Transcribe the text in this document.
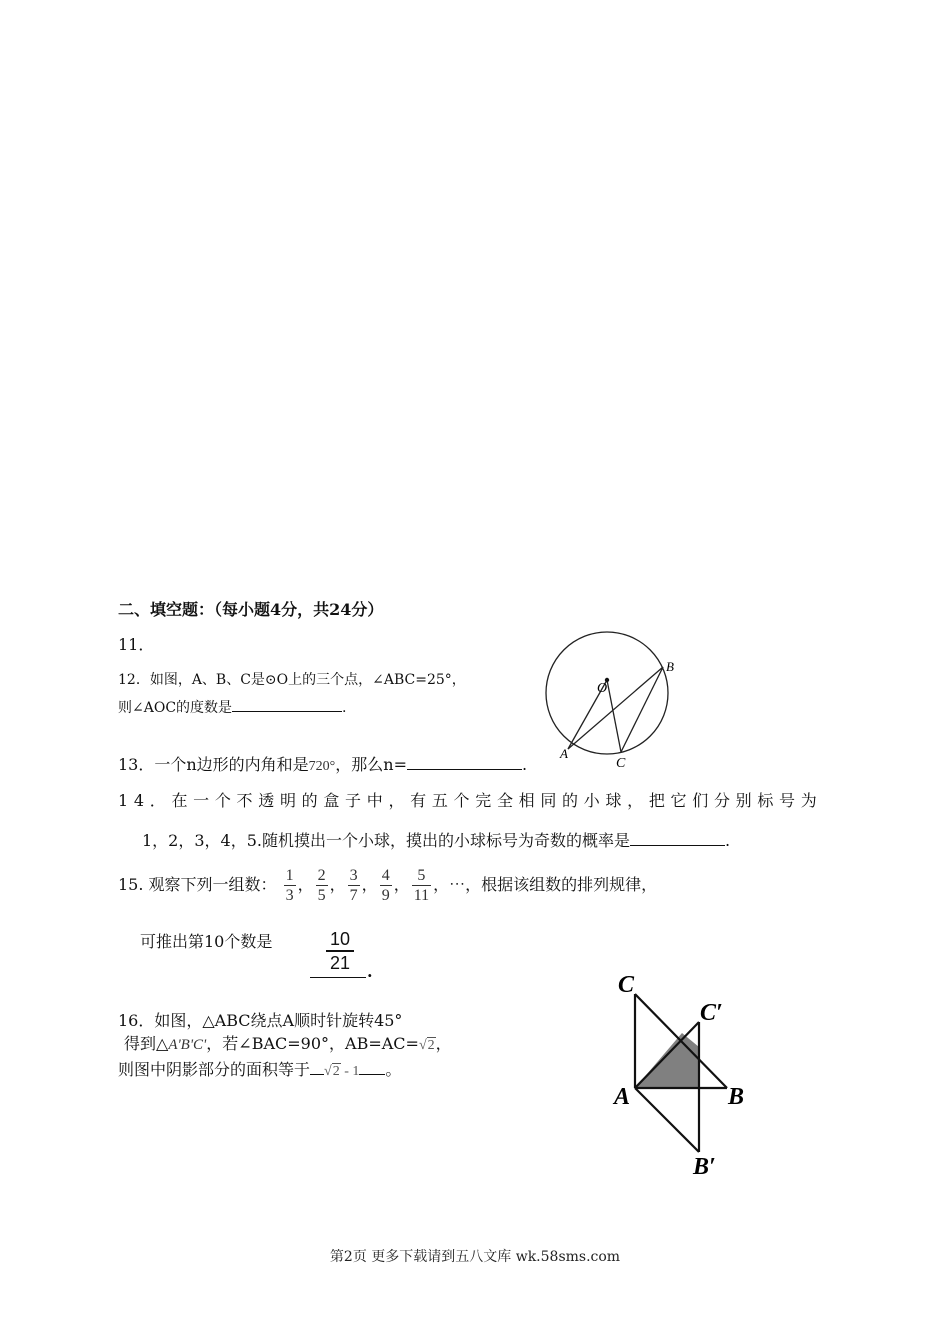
二、填空题：（每小题4分，共24分）
11．
12．如图，A、B、C是⊙O上的三个点，∠ABC=25°，
则∠AOC的度数是	.
O
B
A
C
13．一个n边形的内角和是720°，那么n=	.
14．在一个不透明的盒子中，有五个完全相同的小球，把它们分别标号为
1，2，3，4，5.随机摸出一个小球，摸出的小球标号为奇数的概率是	.
15. 观察下列一组数： $\frac{1}{3}$ ， $\frac{2}{5}$ ， $\frac{3}{7}$ ， $\frac{4}{9}$ ， $\frac{5}{11}$ ，⋯，根据该组数的排列规律，
可推出第10个数是	$\frac{10}{21}$ .
16．如图，△ABC绕点A顺时针旋转45°
得到△A'B'C'，若∠BAC=90°，AB=AC=√2，
则图中阴影部分的面积等于 √2 - 1 。
C
C′
A	B
B′
第2页 更多下载请到五八文库 wk.58sms.com
